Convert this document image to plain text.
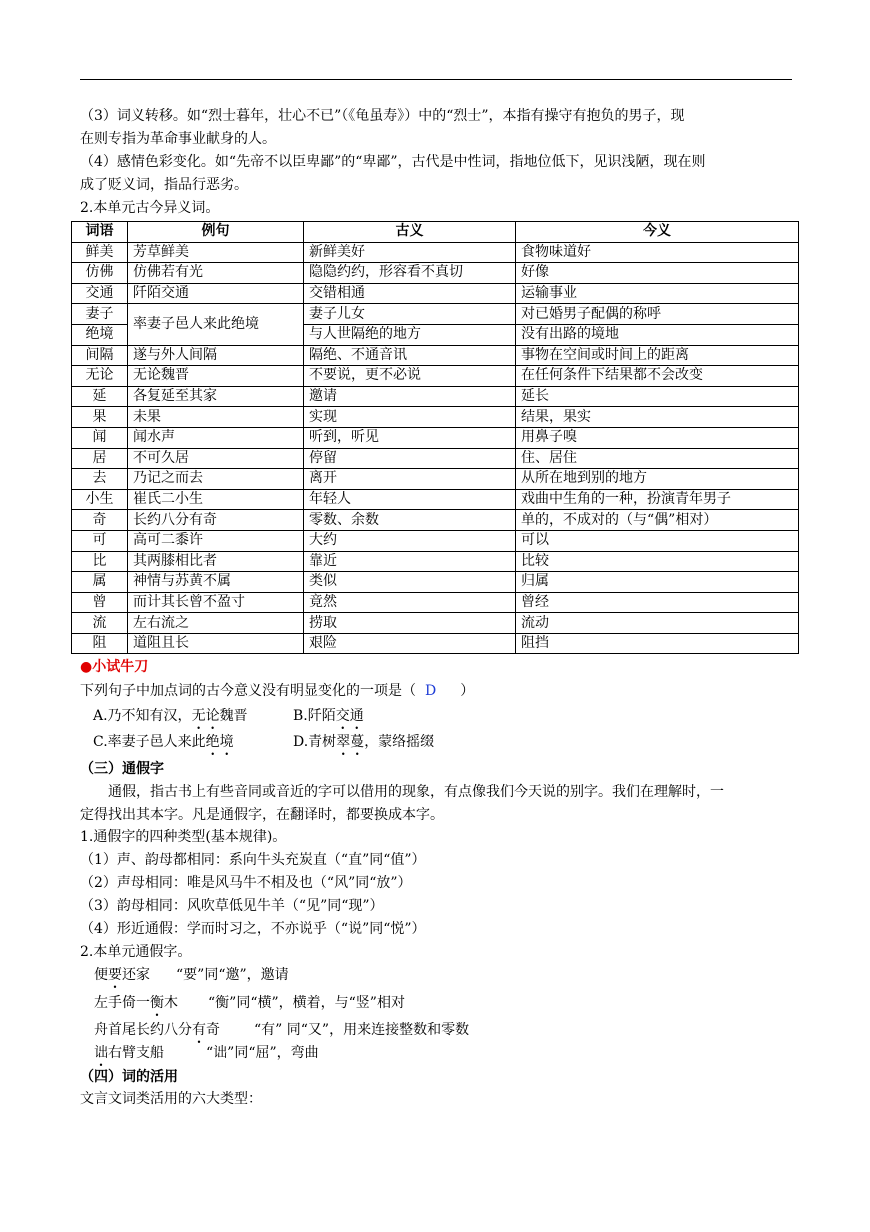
（3）词义转移。如“烈士暮年，壮心不已”（《龟虽寿》）中的“烈士”，本指有操守有抱负的男子，现
在则专指为革命事业献身的人。
（4）感情色彩变化。如“先帝不以臣卑鄙”的“卑鄙”，古代是中性词，指地位低下，见识浅陋，现在则
成了贬义词，指品行恶劣。
2.本单元古今异义词。
词语	例句	古义	今义
鲜美	芳草鲜美	新鲜美好	食物味道好
仿佛	仿佛若有光	隐隐约约，形容看不真切	好像
交通	阡陌交通	交错相通	运输事业
妻子	率妻子邑人来此绝境	妻子儿女	对已婚男子配偶的称呼
绝境		与人世隔绝的地方	没有出路的境地
间隔	遂与外人间隔	隔绝、不通音讯	事物在空间或时间上的距离
无论	无论魏晋	不要说，更不必说	在任何条件下结果都不会改变
延	各复延至其家	邀请	延长
果	未果	实现	结果，果实
闻	闻水声	听到，听见	用鼻子嗅
居	不可久居	停留	住、居住
去	乃记之而去	离开	从所在地到别的地方
小生	崔氏二小生	年轻人	戏曲中生角的一种，扮演青年男子
奇	长约八分有奇	零数、余数	单的，不成对的（与“偶”相对）
可	高可二黍许	大约	可以
比	其两膝相比者	靠近	比较
属	神情与苏黄不属	类似	归属
曾	而计其长曾不盈寸	竟然	曾经
流	左右流之	捞取	流动
阻	道阻且长	艰险	阻挡
●小试牛刀
下列句子中加点词的古今意义没有明显变化的一项是（ D ）
A.乃不知有汉，无论魏晋	B.阡陌交通
C.率妻子邑人来此绝境	D.青树翠蔓，蒙络摇缀
（三）通假字
通假，指古书上有些音同或音近的字可以借用的现象，有点像我们今天说的别字。我们在理解时，一
定得找出其本字。凡是通假字，在翻译时，都要换成本字。
1.通假字的四种类型(基本规律)。
（1）声、韵母都相同：系向牛头充炭直（“直”同“值”）
（2）声母相同：唯是风马牛不相及也（“风”同“放”）
（3）韵母相同：风吹草低见牛羊（“见”同“现”）
（4）形近通假：学而时习之，不亦说乎（“说”同“悦”）
2.本单元通假字。
便要还家 “要”同“邀”，邀请
左手倚一衡木 “衡”同“横”，横着，与“竖”相对
舟首尾长约八分有奇 “有” 同“又”，用来连接整数和零数
诎右臂支船	“诎”同“屈”，弯曲
（四）词的活用
文言文词类活用的六大类型：
